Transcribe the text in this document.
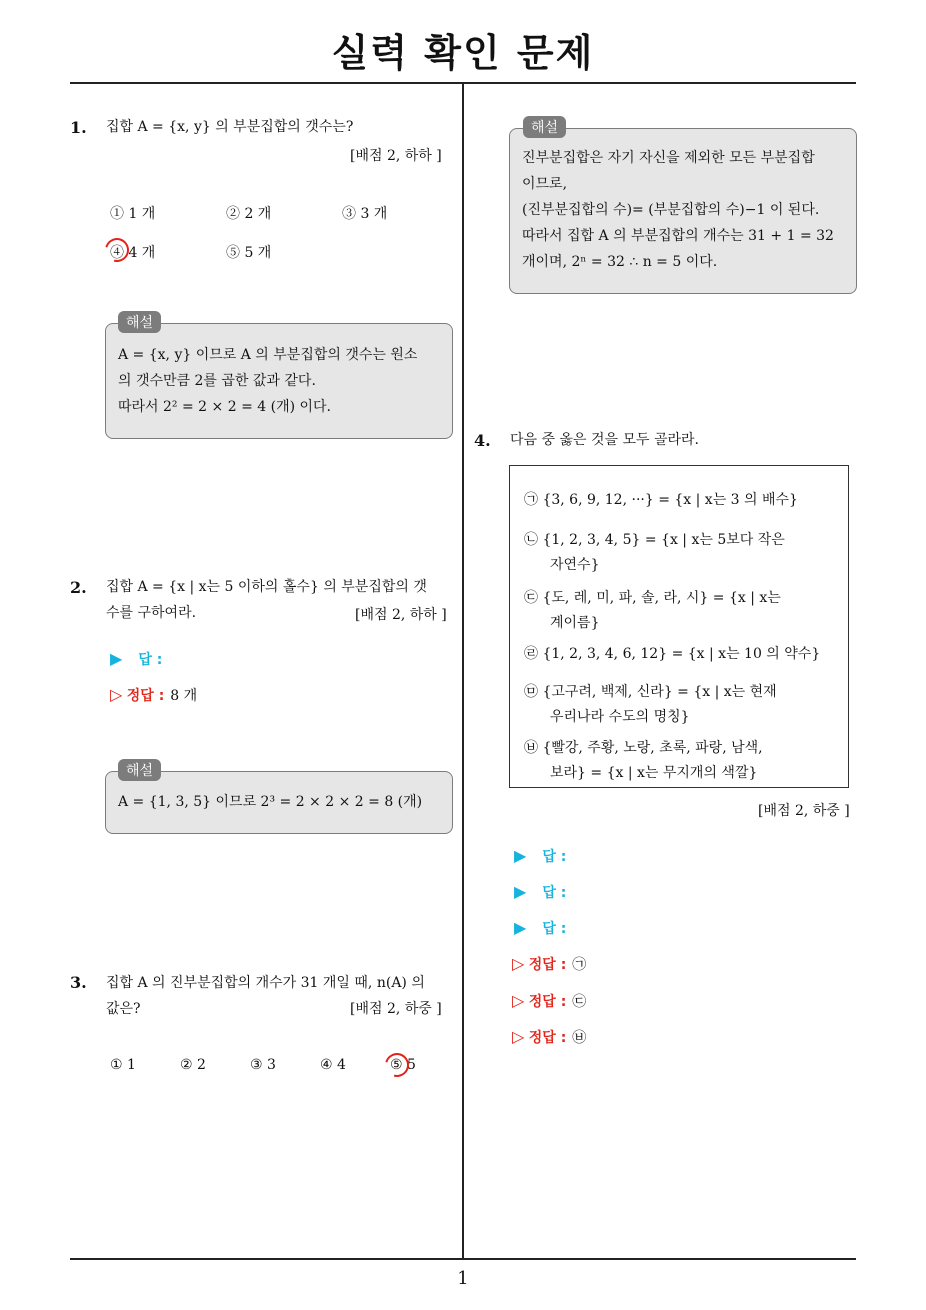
실력 확인 문제
1
1. 집합 A = {x, y} 의 부분집합의 갯수는?
[배점 2, 하하 ]
① 1 개	② 2 개	③ 3 개
④ 4 개	⑤ 5 개
A = {x, y} 이므로 A 의 부분집합의 갯수는 원소
의 갯수만큼 2를 곱한 값과 같다.
따라서 2² = 2 × 2 = 4 (개) 이다.
해설
2. 집합 A = {x | x는 5 이하의 홀수} 의 부분집합의 갯
수를 구하여라.	[배점 2, 하하 ]
▶ 답 :
▷ 정답 : 8 개
A = {1, 3, 5} 이므로 2³ = 2 × 2 × 2 = 8 (개)
해설
3. 집합 A 의 진부분집합의 개수가 31 개일 때, n(A) 의
값은?	[배점 2, 하중 ]
① 1	② 2	③ 3	④ 4	⑤ 5
진부분집합은 자기 자신을 제외한 모든 부분집합
이므로,
(진부분집합의 수)= (부분집합의 수)−1 이 된다.
따라서 집합 A 의 부분집합의 개수는 31 + 1 = 32
개이며, 2ⁿ = 32 ∴ n = 5 이다.
해설
4. 다음 중 옳은 것을 모두 골라라.
㉠ {3, 6, 9, 12, ···} = {x | x는 3 의 배수}
㉡ {1, 2, 3, 4, 5} = {x | x는 5보다 작은
자연수}
㉢ {도, 레, 미, 파, 솔, 라, 시} = {x | x는
계이름}
㉣ {1, 2, 3, 4, 6, 12} = {x | x는 10 의 약수}
㉤ {고구려, 백제, 신라} = {x | x는 현재
우리나라 수도의 명칭}
㉥ {빨강, 주황, 노랑, 초록, 파랑, 남색,
보라} = {x | x는 무지개의 색깔}
[배점 2, 하중 ]
▶ 답 :
▶ 답 :
▶ 답 :
▷ 정답 : ㉠
▷ 정답 : ㉢
▷ 정답 : ㉥
